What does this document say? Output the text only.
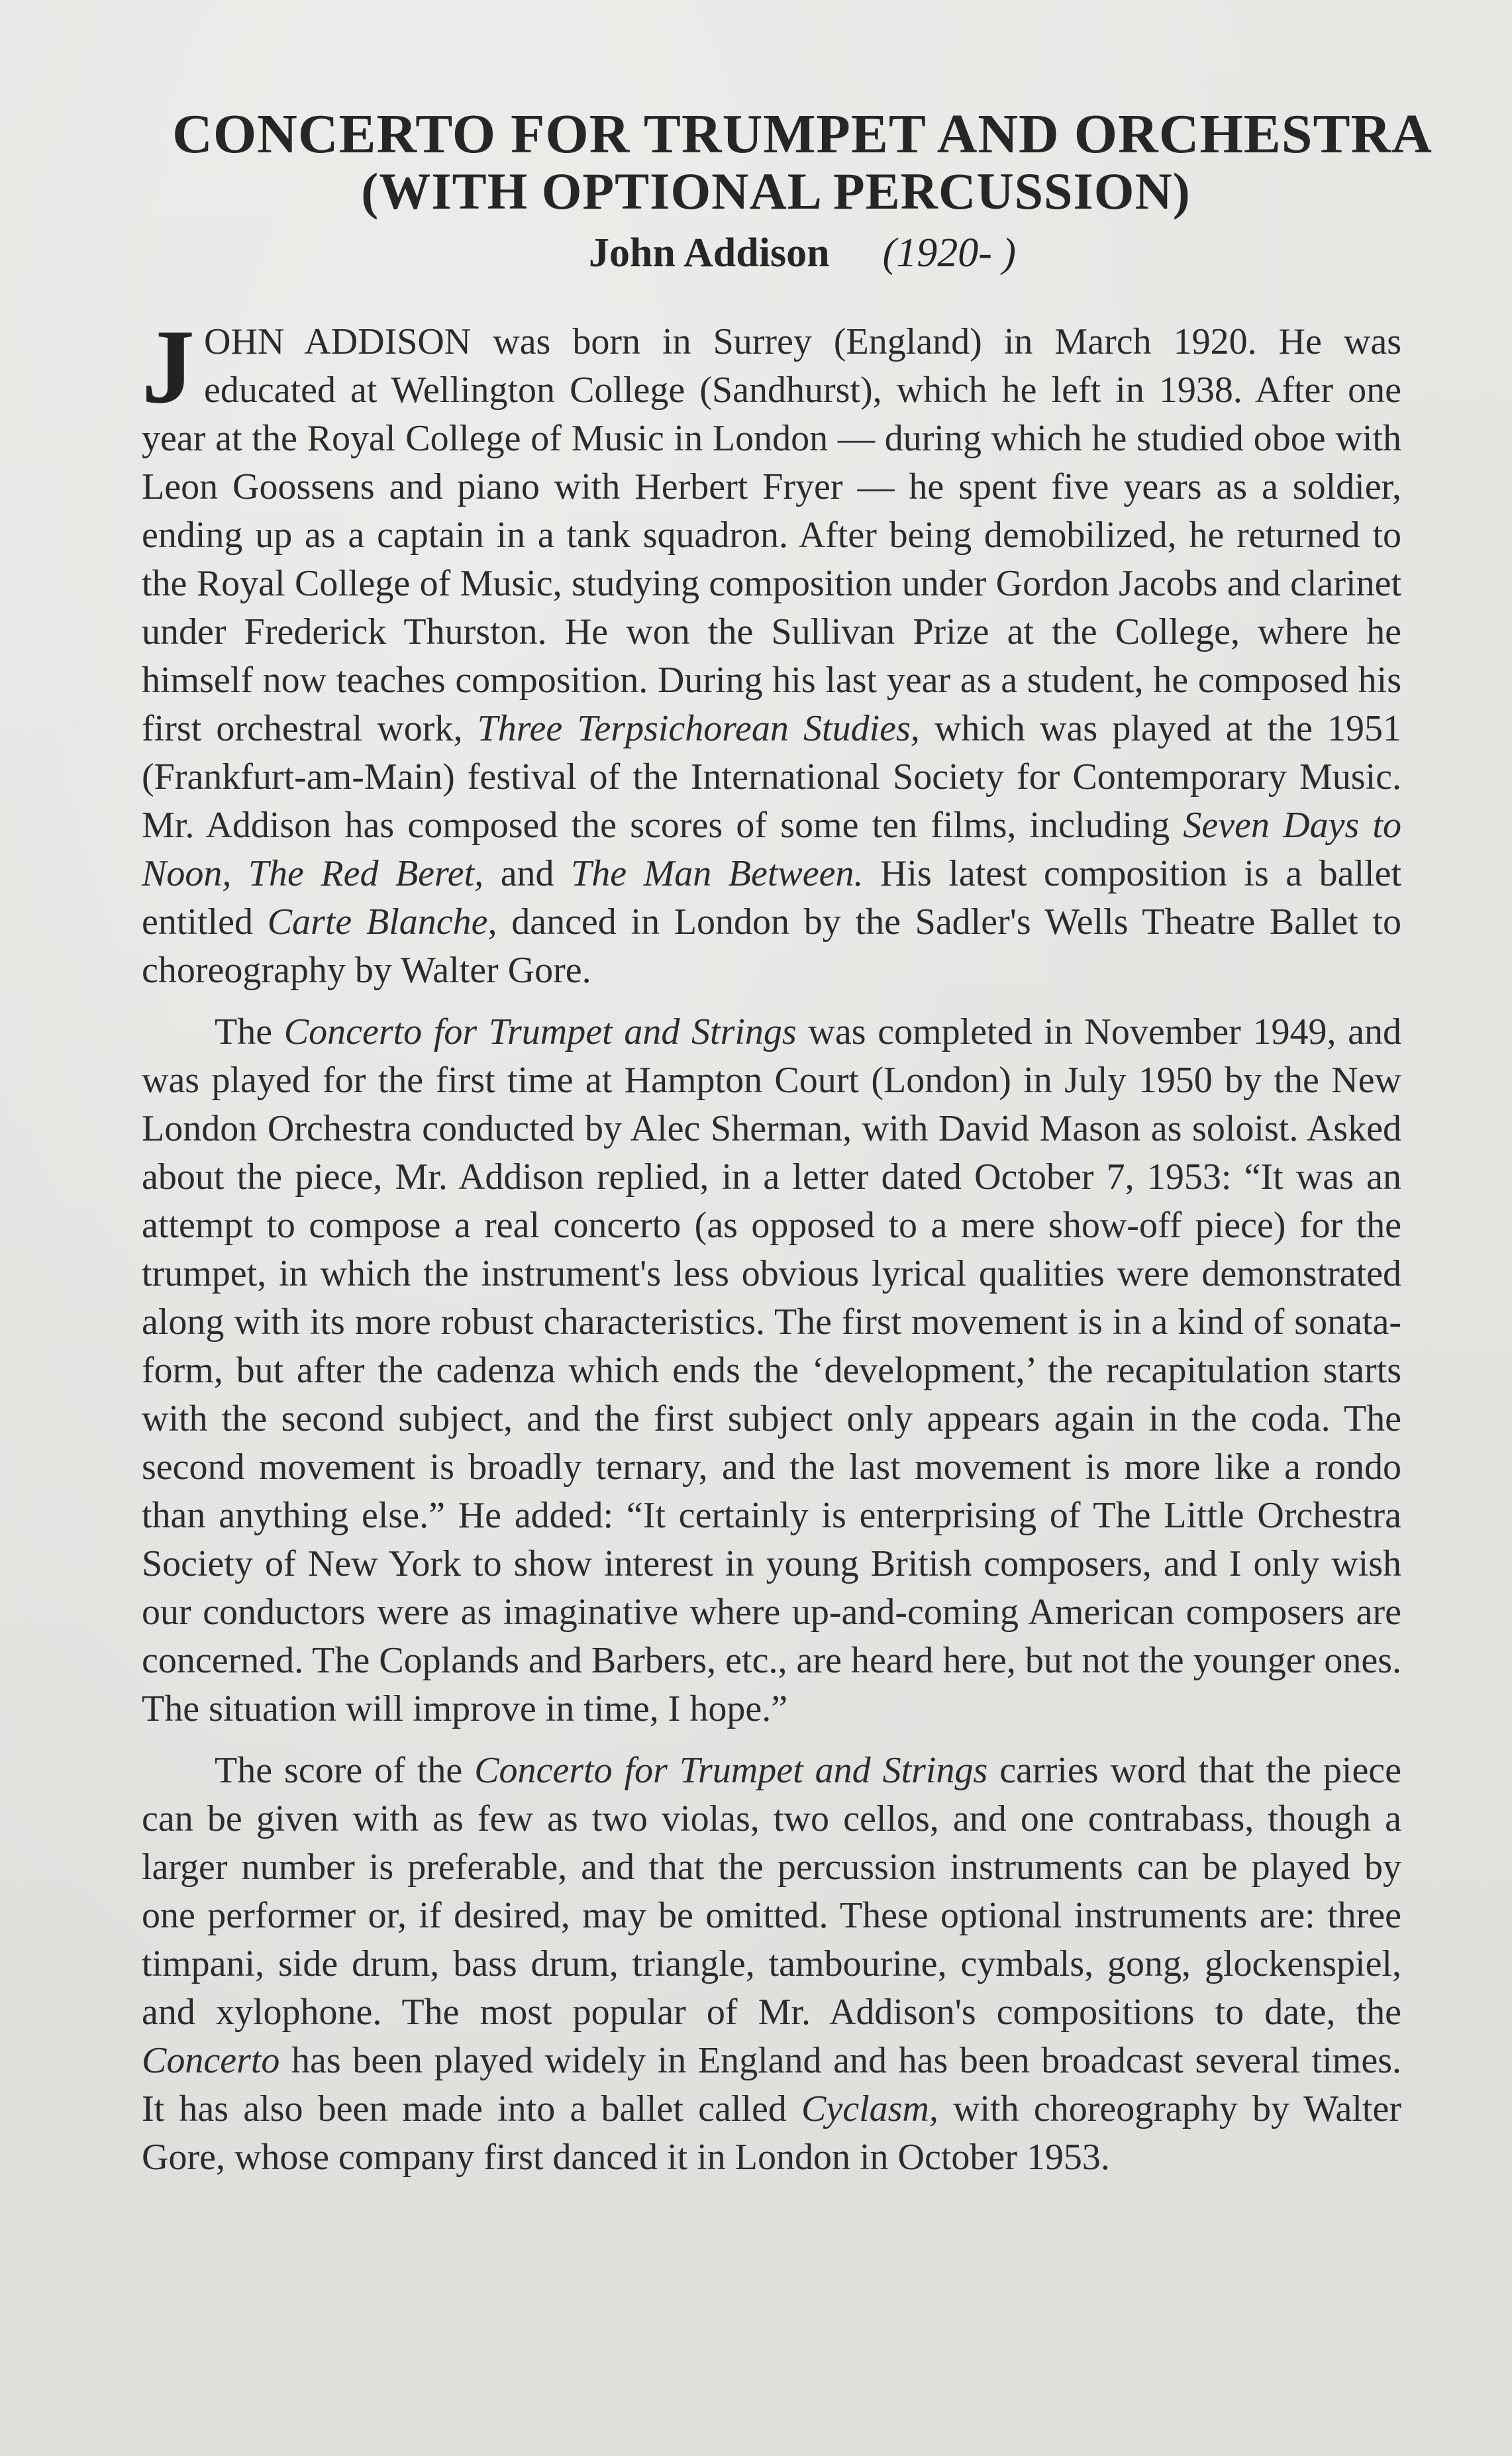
CONCERTO FOR TRUMPET AND ORCHESTRA
(WITH OPTIONAL PERCUSSION)

John Addison (1920- )

JOHN ADDISON was born in Surrey (England) in March 1920. He was educated at Wellington College (Sandhurst), which he left in 1938. After one year at the Royal College of Music in London — during which he studied oboe with Leon Goossens and piano with Herbert Fryer — he spent five years as a soldier, ending up as a captain in a tank squadron. After being demobilized, he returned to the Royal College of Music, studying composition under Gordon Jacobs and clarinet under Frederick Thurston. He won the Sullivan Prize at the College, where he himself now teaches composition. During his last year as a student, he composed his first orchestral work, Three Terpsichorean Studies, which was played at the 1951 (Frankfurt-am-Main) festival of the International Society for Contemporary Music. Mr. Addison has composed the scores of some ten films, including Seven Days to Noon, The Red Beret, and The Man Between. His latest composition is a ballet entitled Carte Blanche, danced in London by the Sadler's Wells Theatre Ballet to choreography by Walter Gore.

The Concerto for Trumpet and Strings was completed in November 1949, and was played for the first time at Hampton Court (London) in July 1950 by the New London Orchestra conducted by Alec Sherman, with David Mason as soloist. Asked about the piece, Mr. Addison replied, in a letter dated October 7, 1953: “It was an attempt to compose a real concerto (as opposed to a mere show-off piece) for the trumpet, in which the instrument's less obvious lyrical qualities were demonstrated along with its more robust characteristics. The first movement is in a kind of sonata-form, but after the cadenza which ends the ‘development,’ the recapitulation starts with the second subject, and the first subject only appears again in the coda. The second movement is broadly ternary, and the last movement is more like a rondo than anything else.” He added: “It certainly is enterprising of The Little Orchestra Society of New York to show interest in young British composers, and I only wish our conductors were as imaginative where up-and-coming American composers are concerned. The Coplands and Barbers, etc., are heard here, but not the younger ones. The situation will improve in time, I hope.”

The score of the Concerto for Trumpet and Strings carries word that the piece can be given with as few as two violas, two cellos, and one contrabass, though a larger number is preferable, and that the percussion instruments can be played by one performer or, if desired, may be omitted. These optional instruments are: three timpani, side drum, bass drum, triangle, tambourine, cymbals, gong, glockenspiel, and xylophone. The most popular of Mr. Addison's compositions to date, the Concerto has been played widely in England and has been broadcast several times. It has also been made into a ballet called Cyclasm, with choreography by Walter Gore, whose company first danced it in London in October 1953.
